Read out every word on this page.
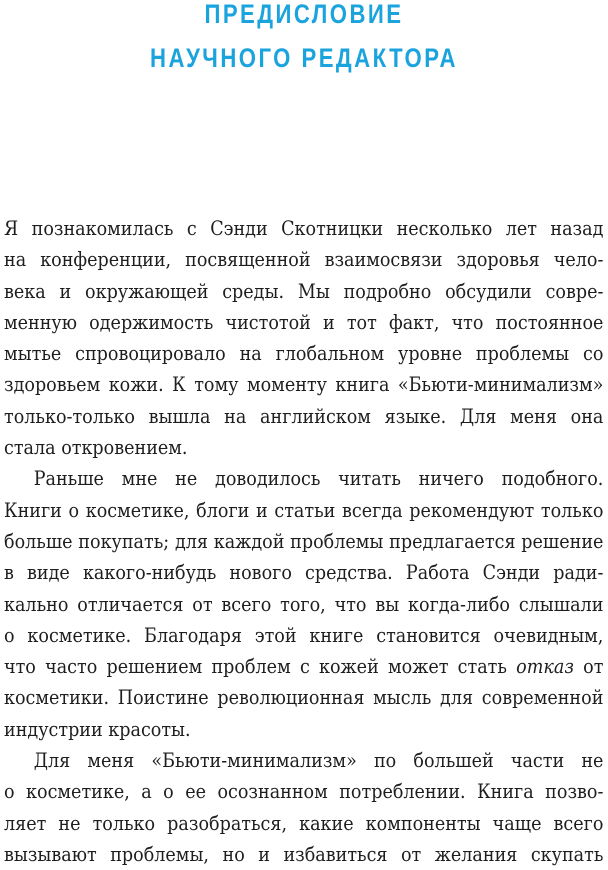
ПРЕДИСЛОВИЕ
НАУЧНОГО РЕДАКТОРА
Я познакомилась с Сэнди Скотницки несколько лет назад
на конференции, посвященной взаимосвязи здоровья чело-
века и окружающей среды. Мы подробно обсудили совре-
менную одержимость чистотой и тот факт, что постоянное
мытье спровоцировало на глобальном уровне проблемы со
здоровьем кожи. К тому моменту книга «Бьюти-минимализм»
только-только вышла на английском языке. Для меня она
стала откровением.
Раньше мне не доводилось читать ничего подобного.
Книги о косметике, блоги и статьи всегда рекомендуют только
больше покупать; для каждой проблемы предлагается решение
в виде какого-нибудь нового средства. Работа Сэнди ради-
кально отличается от всего того, что вы когда-либо слышали
о косметике. Благодаря этой книге становится очевидным,
что часто решением проблем с кожей может стать отказ от
косметики. Поистине революционная мысль для современной
индустрии красоты.
Для меня «Бьюти-минимализм» по большей части не
о косметике, а о ее осознанном потреблении. Книга позво-
ляет не только разобраться, какие компоненты чаще всего
вызывают проблемы, но и избавиться от желания скупать
